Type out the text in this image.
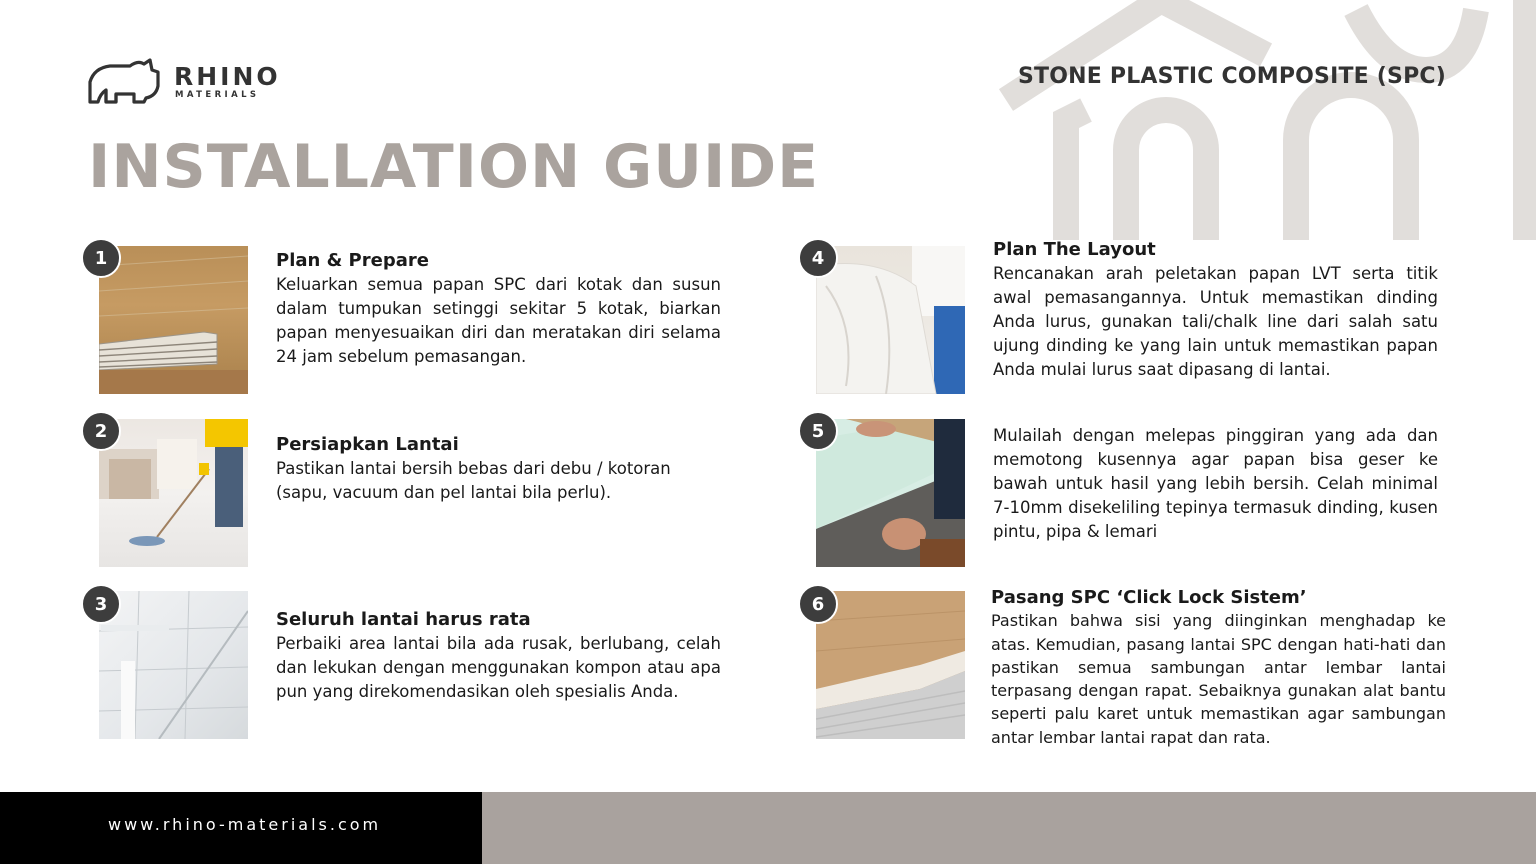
RHINO
MATERIALS
STONE PLASTIC COMPOSITE (SPC)
INSTALLATION GUIDE
1	Plan & Prepare
Keluarkan semua papan SPC dari kotak dan susun dalam tumpukan setinggi sekitar 5 kotak, biarkan papan menyesuaikan diri dan meratakan diri selama 24 jam sebelum pemasangan.
2
Persiapkan Lantai
Pastikan lantai bersih bebas dari debu / kotoran (sapu, vacuum dan pel lantai bila perlu).
3
Seluruh lantai harus rata
Perbaiki area lantai bila ada rusak, berlubang, celah dan lekukan dengan menggunakan kompon atau apa pun yang direkomendasikan oleh spesialis Anda.
4	Plan The Layout
Rencanakan arah peletakan papan LVT serta titik awal pemasangannya. Untuk memastikan dinding Anda lurus, gunakan tali/chalk line dari salah satu ujung dinding ke yang lain untuk memastikan papan Anda mulai lurus saat dipasang di lantai.
5	Mulailah dengan melepas pinggiran yang ada dan memotong kusennya agar papan bisa geser ke bawah untuk hasil yang lebih bersih. Celah minimal 7-10mm disekeliling tepinya termasuk dinding, kusen pintu, pipa & lemari
6	Pasang SPC ‘Click Lock Sistem’
Pastikan bahwa sisi yang diinginkan menghadap ke atas. Kemudian, pasang lantai SPC dengan hati-hati dan pastikan semua sambungan antar lembar lantai terpasang dengan rapat. Sebaiknya gunakan alat bantu seperti palu karet untuk memastikan agar sambungan antar lembar lantai rapat dan rata.
www.rhino-materials.com
